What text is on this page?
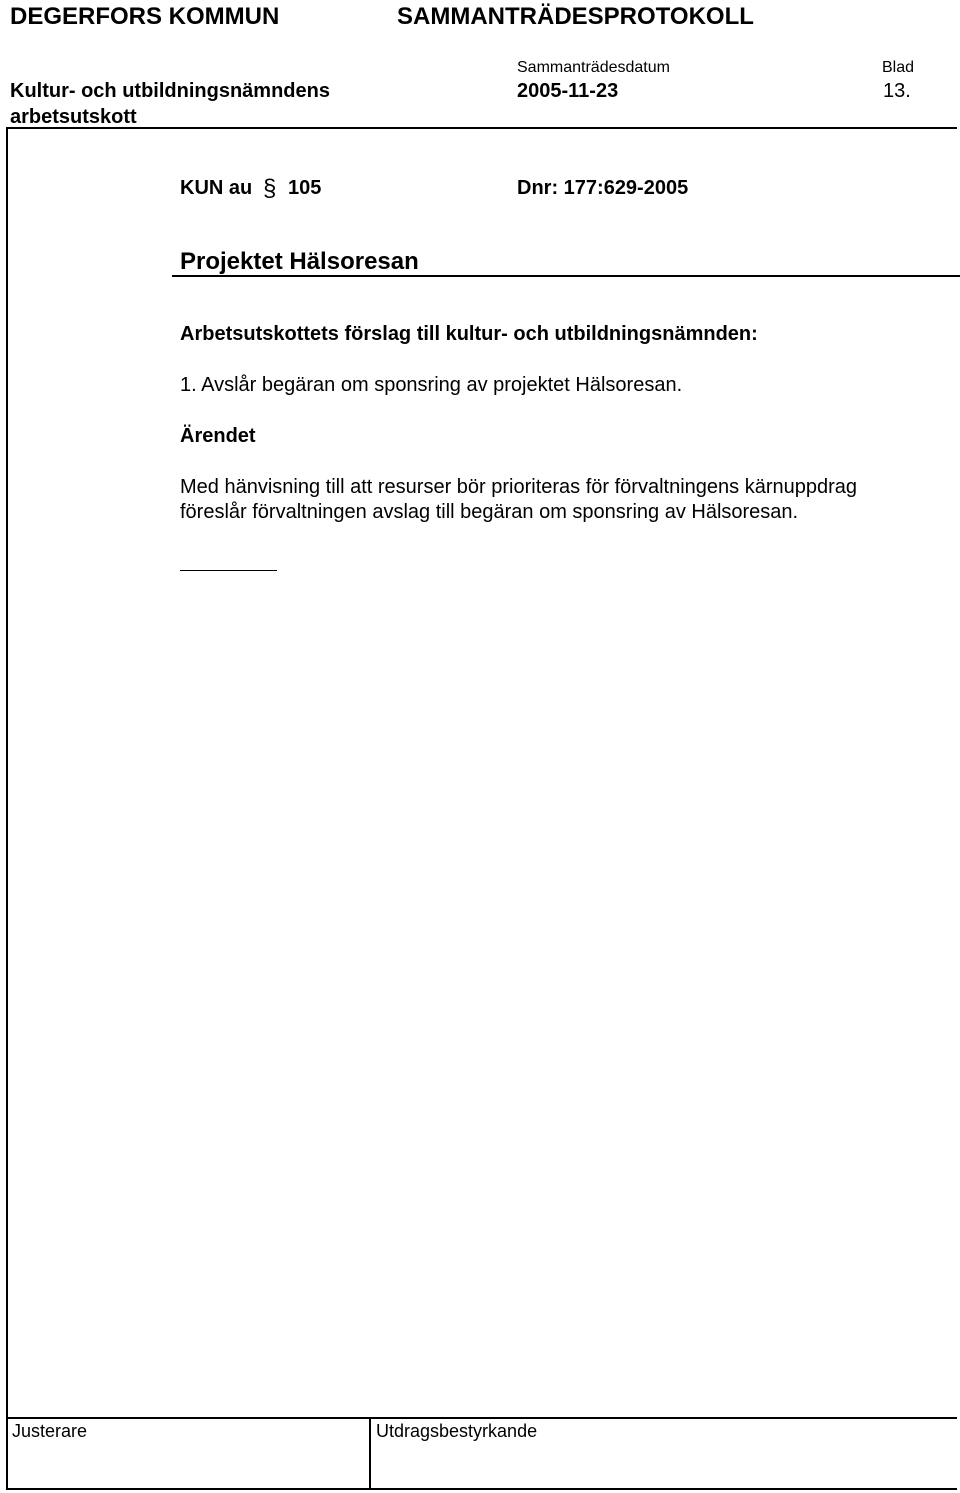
DEGERFORS KOMMUN	SAMMANTRÄDESPROTOKOLL
Sammanträdesdatum	Blad
Kultur- och utbildningsnämndens
arbetsutskott
2005-11-23	13.
KUN au § 105	Dnr: 177:629-2005
Projektet Hälsoresan
Arbetsutskottets förslag till kultur- och utbildningsnämnden:
1. Avslår begäran om sponsring av projektet Hälsoresan.
Ärendet
Med hänvisning till att resurser bör prioriteras för förvaltningens kärnuppdrag
föreslår förvaltningen avslag till begäran om sponsring av Hälsoresan.
Justerare	Utdragsbestyrkande
